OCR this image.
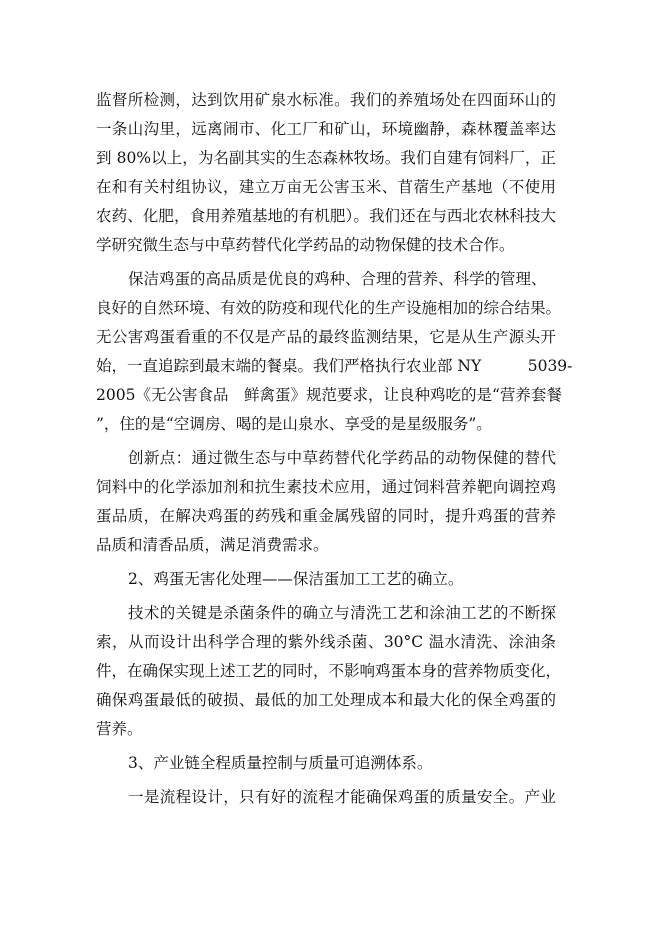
监督所检测，达到饮用矿泉水标准。我们的养殖场处在四面环山的
一条山沟里，远离闹市、化工厂和矿山，环境幽静，森林覆盖率达
到 80%以上，为名副其实的生态森林牧场。我们自建有饲料厂，正
在和有关村组协议，建立万亩无公害玉米、苜蓿生产基地（不使用
农药、化肥，食用养殖基地的有机肥）。我们还在与西北农林科技大
学研究微生态与中草药替代化学药品的动物保健的技术合作。
保洁鸡蛋的高品质是优良的鸡种、合理的营养、科学的管理、
良好的自然环境、有效的防疫和现代化的生产设施相加的综合结果。
无公害鸡蛋看重的不仅是产品的最终监测结果，它是从生产源头开
始，一直追踪到最末端的餐桌。我们严格执行农业部 NY　　　5039-
2005《无公害食品　鲜禽蛋》规范要求，让良种鸡吃的是“营养套餐
”，住的是“空调房、喝的是山泉水、享受的是星级服务”。
创新点：通过微生态与中草药替代化学药品的动物保健的替代
饲料中的化学添加剂和抗生素技术应用，通过饲料营养靶向调控鸡
蛋品质，在解决鸡蛋的药残和重金属残留的同时，提升鸡蛋的营养
品质和清香品质，满足消费需求。
2、鸡蛋无害化处理——保洁蛋加工工艺的确立。
技术的关键是杀菌条件的确立与清洗工艺和涂油工艺的不断探
索，从而设计出科学合理的紫外线杀菌、30°C 温水清洗、涂油条
件，在确保实现上述工艺的同时，不影响鸡蛋本身的营养物质变化，
确保鸡蛋最低的破损、最低的加工处理成本和最大化的保全鸡蛋的
营养。
3、产业链全程质量控制与质量可追溯体系。
一是流程设计，只有好的流程才能确保鸡蛋的质量安全。产业
